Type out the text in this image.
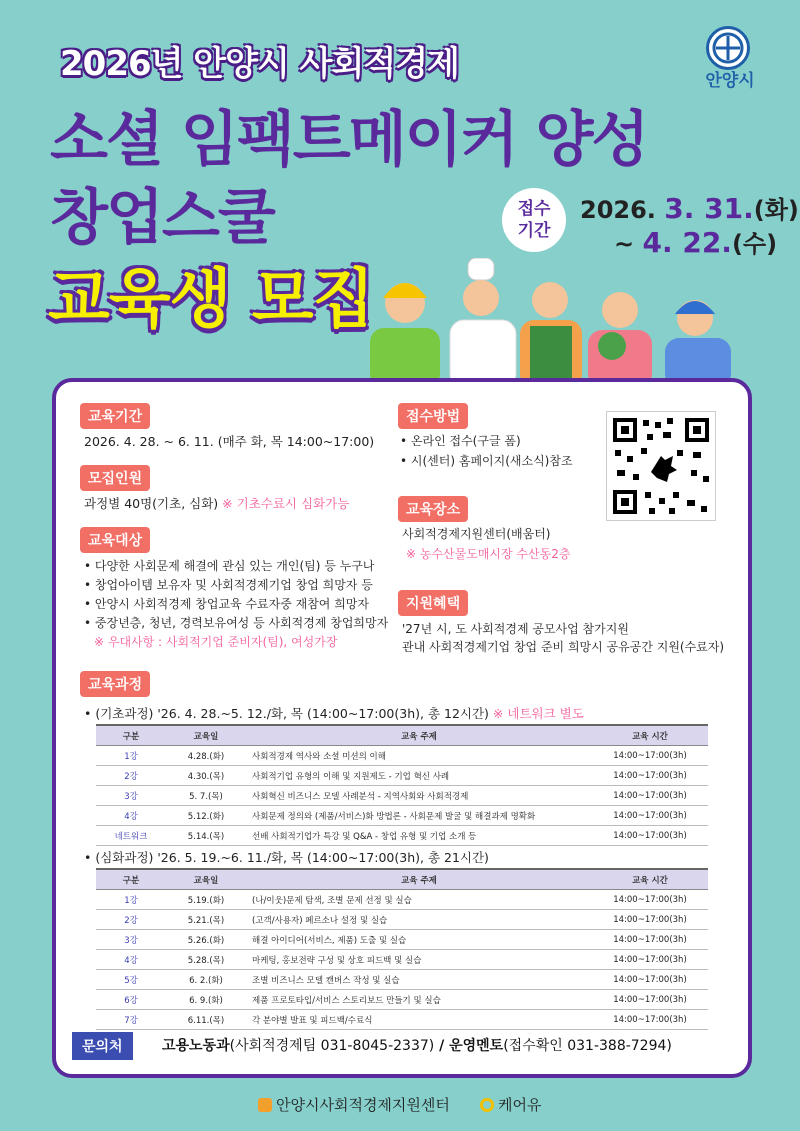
2026년 안양시 사회적경제
소셜 임팩트메이커 양성
창업스쿨
교육생 모집
안양시
접수
기간
2026. 3. 31.(화)
~ 4. 22.(수)
교육기간
2026. 4. 28. ~ 6. 11. (매주 화, 목 14:00~17:00)
모집인원
과정별 40명(기초, 심화) ※ 기초수료시 심화가능
교육대상
• 다양한 사회문제 해결에 관심 있는 개인(팀) 등 누구나
• 창업아이템 보유자 및 사회적경제기업 창업 희망자 등
• 안양시 사회적경제 창업교육 수료자중 재참여 희망자
• 중장년층, 청년, 경력보유여성 등 사회적경제 창업희망자
※ 우대사항 : 사회적기업 준비자(팀), 여성가장
접수방법
• 온라인 접수(구글 폼)
• 시(센터) 홈페이지(새소식)참조
교육장소
사회적경제지원센터(배움터)
※ 농수산물도매시장 수산동2층
지원혜택
'27년 시, 도 사회적경제 공모사업 참가지원
관내 사회적경제기업 창업 준비 희망시 공유공간 지원(수료자)
교육과정
• (기초과정) '26. 4. 28.~5. 12./화, 목 (14:00~17:00(3h), 총 12시간) ※ 네트워크 별도
구분	교육일	교육 주제	교육 시간
1강	4.28.(화)	사회적경제 역사와 소셜 미션의 이해	14:00~17:00(3h)
2강	4.30.(목)	사회적기업 유형의 이해 및 지원제도 - 기업 혁신 사례	14:00~17:00(3h)
3강	5. 7.(목)	사회혁신 비즈니스 모델 사례분석 - 지역사회와 사회적경제	14:00~17:00(3h)
4강	5.12.(화)	사회문제 정의와 (제품/서비스)화 방법론 - 사회문제 발굴 및 해결과제 명확화	14:00~17:00(3h)
네트워크	5.14.(목)	선배 사회적기업가 특강 및 Q&A - 창업 유형 및 기업 소개 등	14:00~17:00(3h)
• (심화과정) '26. 5. 19.~6. 11./화, 목 (14:00~17:00(3h), 총 21시간)
구분	교육일	교육 주제	교육 시간
1강	5.19.(화)	(나/이웃)문제 탐색, 조별 문제 선정 및 실습	14:00~17:00(3h)
2강	5.21.(목)	(고객/사용자) 페르소나 설정 및 실습	14:00~17:00(3h)
3강	5.26.(화)	해결 아이디어(서비스, 제품) 도출 및 실습	14:00~17:00(3h)
4강	5.28.(목)	마케팅, 홍보전략 구성 및 상호 피드백 및 실습	14:00~17:00(3h)
5강	6. 2.(화)	조별 비즈니스 모델 캔버스 작성 및 실습	14:00~17:00(3h)
6강	6. 9.(화)	제품 프로토타입/서비스 스토리보드 만들기 및 실습	14:00~17:00(3h)
7강	6.11.(목)	각 분야별 발표 및 피드백/수료식	14:00~17:00(3h)
문의처	고용노동과(사회적경제팀 031-8045-2337) / 운영멘토(접수확인 031-388-7294)
안양시사회적경제지원센터	케어유
